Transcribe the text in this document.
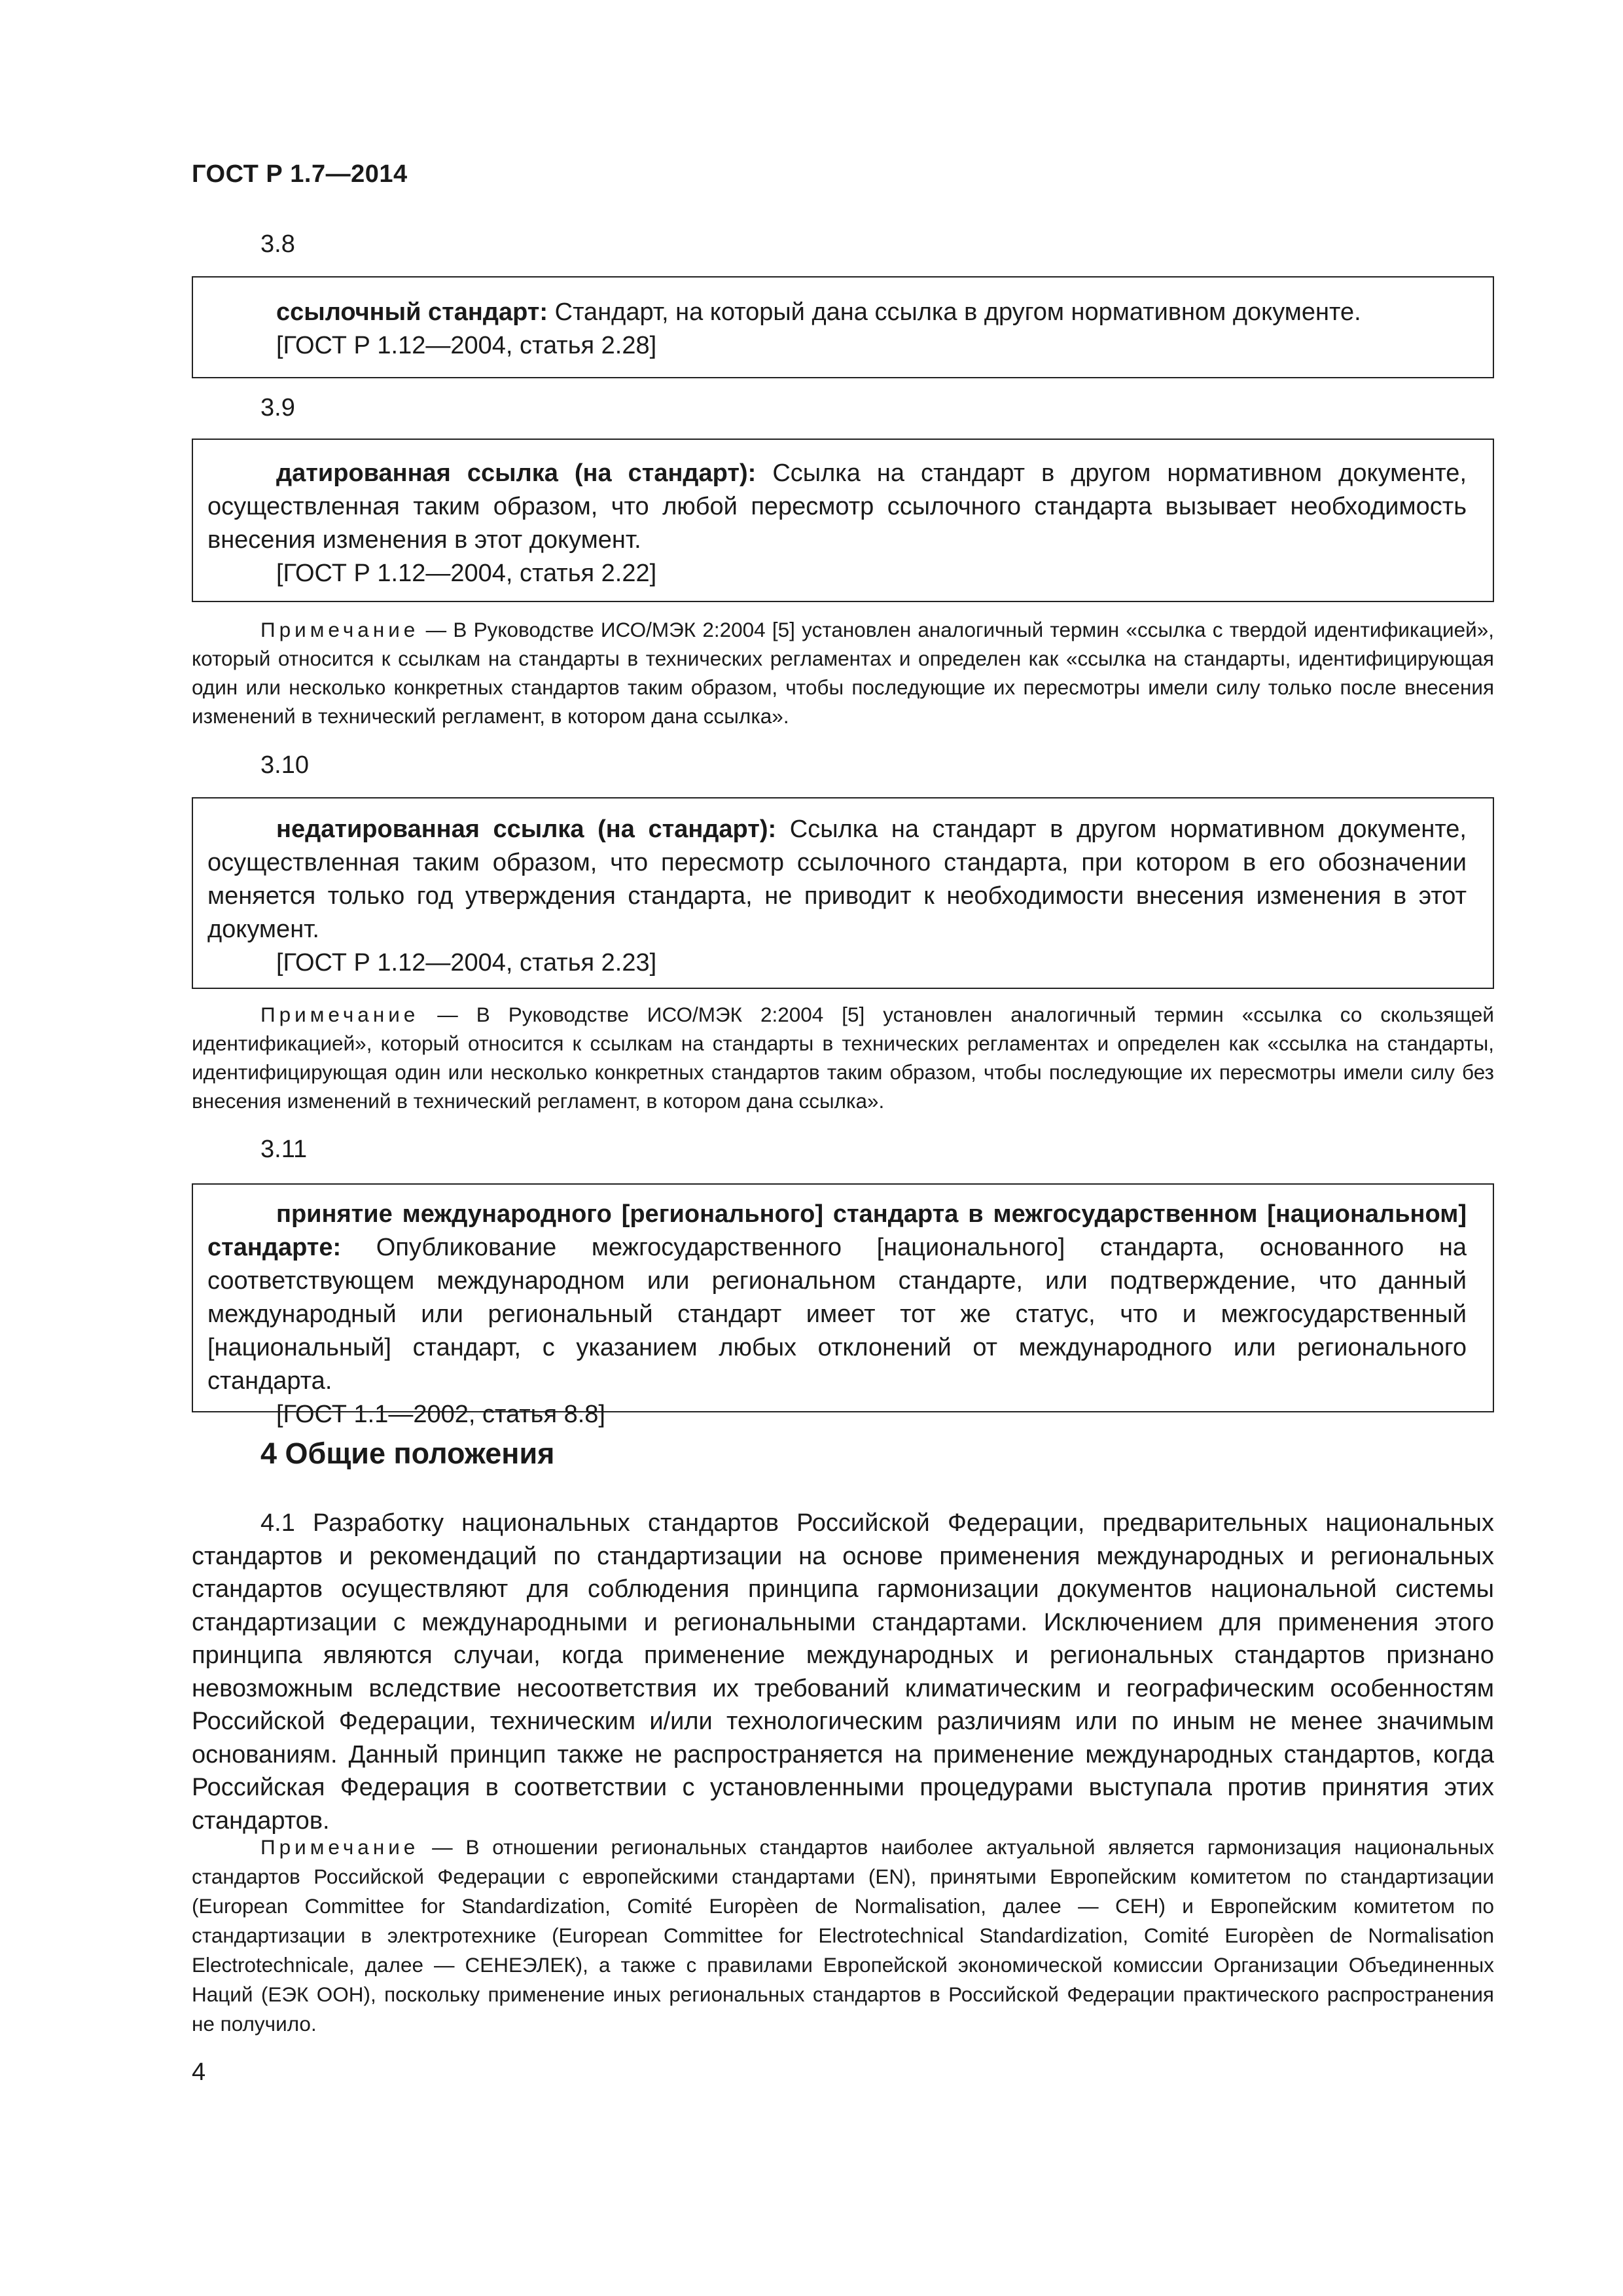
ГОСТ Р 1.7—2014
3.8

ссылочный стандарт: Стандарт, на который дана ссылка в другом нормативном документе.

[ГОСТ Р 1.12—2004, статья 2.28]

3.9

датированная ссылка (на стандарт): Ссылка на стандарт в другом нормативном документе, осуществленная таким образом, что любой пересмотр ссылочного стандарта вызывает необходимость внесения изменения в этот документ.

[ГОСТ Р 1.12—2004, статья 2.22]

Примечание — В Руководстве ИСО/МЭК 2:2004 [5] установлен аналогичный термин «ссылка с твердой идентификацией», который относится к ссылкам на стандарты в технических регламентах и определен как «ссылка на стандарты, идентифицирующая один или несколько конкретных стандартов таким образом, чтобы последующие их пересмотры имели силу только после внесения изменений в технический регламент, в котором дана ссылка».

3.10

недатированная ссылка (на стандарт): Ссылка на стандарт в другом нормативном документе, осуществленная таким образом, что пересмотр ссылочного стандарта, при котором в его обозначении меняется только год утверждения стандарта, не приводит к необходимости внесения изменения в этот документ.

[ГОСТ Р 1.12—2004, статья 2.23]

Примечание — В Руководстве ИСО/МЭК 2:2004 [5] установлен аналогичный термин «ссылка со скользящей идентификацией», который относится к ссылкам на стандарты в технических регламентах и определен как «ссылка на стандарты, идентифицирующая один или несколько конкретных стандартов таким образом, чтобы последующие их пересмотры имели силу без внесения изменений в технический регламент, в котором дана ссылка».

3.11

принятие международного [регионального] стандарта в межгосударственном [национальном] стандарте: Опубликование межгосударственного [национального] стандарта, основанного на соответствующем международном или региональном стандарте, или подтверждение, что данный международный или региональный стандарт имеет тот же статус, что и межгосударственный [национальный] стандарт, с указанием любых отклонений от международного или регионального стандарта.

[ГОСТ 1.1—2002, статья 8.8]

4 Общие положения

4.1 Разработку национальных стандартов Российской Федерации, предварительных национальных стандартов и рекомендаций по стандартизации на основе применения международных и региональных стандартов осуществляют для соблюдения принципа гармонизации документов национальной системы стандартизации с международными и региональными стандартами. Исключением для применения этого принципа являются случаи, когда применение международных и региональных стандартов признано невозможным вследствие несоответствия их требований климатическим и географическим особенностям Российской Федерации, техническим и/или технологическим различиям или по иным не менее значимым основаниям. Данный принцип также не распространяется на применение международных стандартов, когда Российская Федерация в соответствии с установленными процедурами выступала против принятия этих стандартов.

Примечание — В отношении региональных стандартов наиболее актуальной является гармонизация национальных стандартов Российской Федерации с европейскими стандартами (EN), принятыми Европейским комитетом по стандартизации (European Committee for Standardization, Comité Europèen de Normalisation, далее — СЕН) и Европейским комитетом по стандартизации в электротехнике (European Committee for Electrotechnical Standardization, Comité Europèen de Normalisation Electrotechnicale, далее — СЕНЕЭЛЕК), а также с правилами Европейской экономической комиссии Организации Объединенных Наций (ЕЭК ООН), поскольку применение иных региональных стандартов в Российской Федерации практического распространения не получило.

4
